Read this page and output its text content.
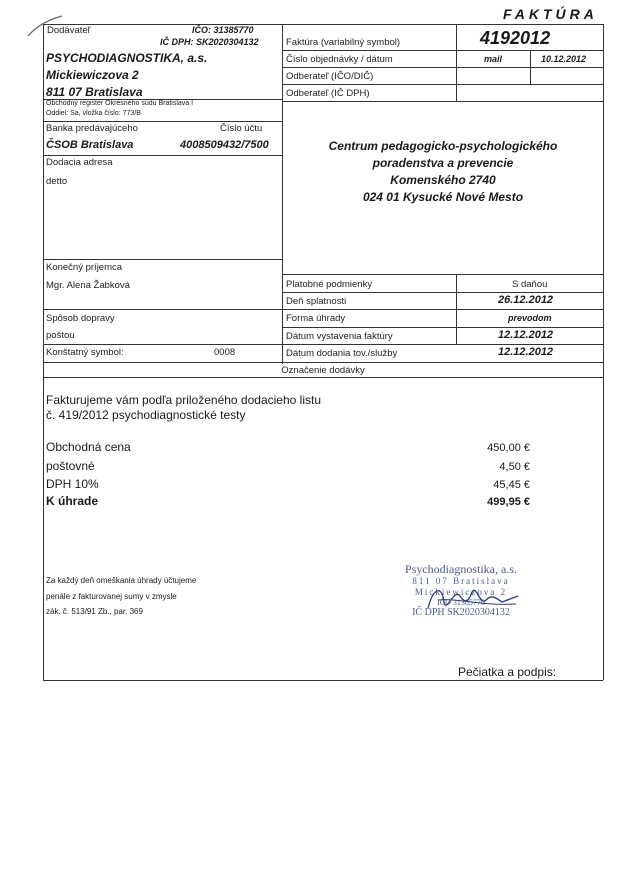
FAKTÚRA
Dodávateľ	IČO: 31385770
IČ DPH: SK2020304132
PSYCHODIAGNOSTIKA, a.s.
Mickiewiczova 2
811 07 Bratislava
Obchodný register Okresného súdu Bratislava I
Oddiel: Sa, vložka číslo: 773/B
Banka predávajúceho	Číslo účtu
ČSOB Bratislava	4008509432/7500
Dodacia adresa
detto
Konečný príjemca
Mgr. Alena Žabková
Spôsob dopravy
poštou
Konštatný symbol:	0008
Faktúra (variabilný symbol)	4192012
Číslo objednávky / dátum	mail	10.12.2012
Odberateľ (IČO/DIČ)
Odberateľ (IČ DPH)
Centrum pedagogicko-psychologického
poradenstva a prevencie
Komenského 2740
024 01 Kysucké Nové Mesto
Platobné podmienky	S daňou
Deň splatnosti	26.12.2012
Forma úhrady	prevodom
Dátum vystavenia faktúry	12.12.2012
Dátum dodania tov./služby	12.12.2012
Označenie dodávky
Fakturujeme vám podľa priloženého dodacieho listu
č. 419/2012 psychodiagnostické testy
Obchodná cena	450,00 €
poštovné	4,50 €
DPH 10%	45,45 €
K úhrade	499,95 €
Za každý deň omeškania úhrady účtujeme
penále z fakturovanej sumy v zmysle
zák. č. 513/91 Zb., par. 369
Psychodiagnostika, a.s.
811 07 Bratislava
Mickiewiczova 2
IČO 31385770
IČ DPH SK2020304132
Pečiatka a podpis:
